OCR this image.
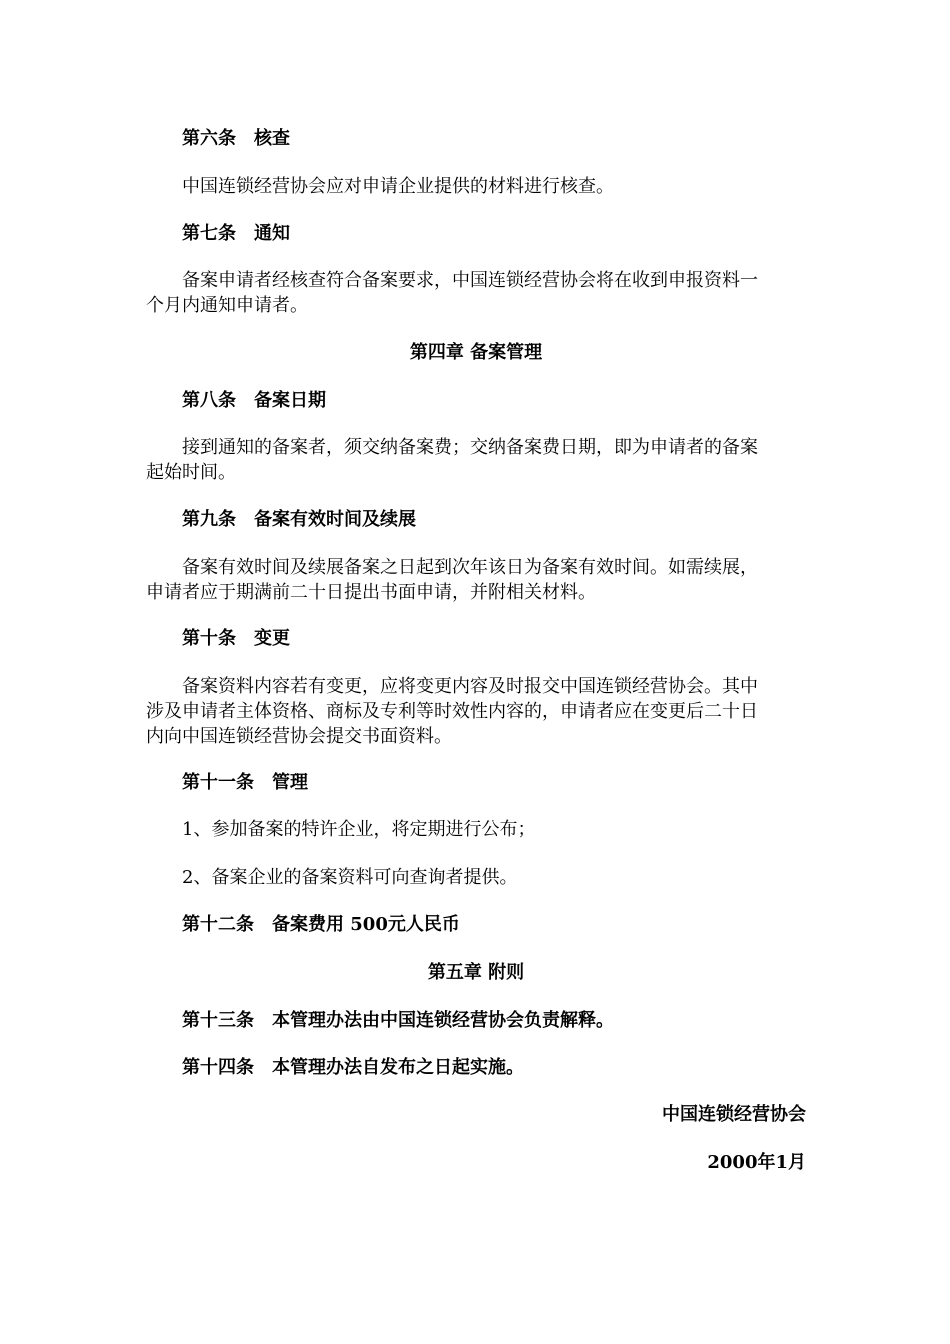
第六条 核查
中国连锁经营协会应对申请企业提供的材料进行核查。
第七条 通知
备案申请者经核查符合备案要求，中国连锁经营协会将在收到申报资料一
个月内通知申请者。
第四章 备案管理
第八条 备案日期
接到通知的备案者，须交纳备案费；交纳备案费日期，即为申请者的备案
起始时间。
第九条 备案有效时间及续展
备案有效时间及续展备案之日起到次年该日为备案有效时间。如需续展，
申请者应于期满前二十日提出书面申请，并附相关材料。
第十条 变更
备案资料内容若有变更，应将变更内容及时报交中国连锁经营协会。其中
涉及申请者主体资格、商标及专利等时效性内容的，申请者应在变更后二十日
内向中国连锁经营协会提交书面资料。
第十一条 管理
1、参加备案的特许企业，将定期进行公布；
2、备案企业的备案资料可向查询者提供。
第十二条 备案费用 500元人民币
第五章 附则
第十三条 本管理办法由中国连锁经营协会负责解释。
第十四条 本管理办法自发布之日起实施。
中国连锁经营协会
2000年1月
